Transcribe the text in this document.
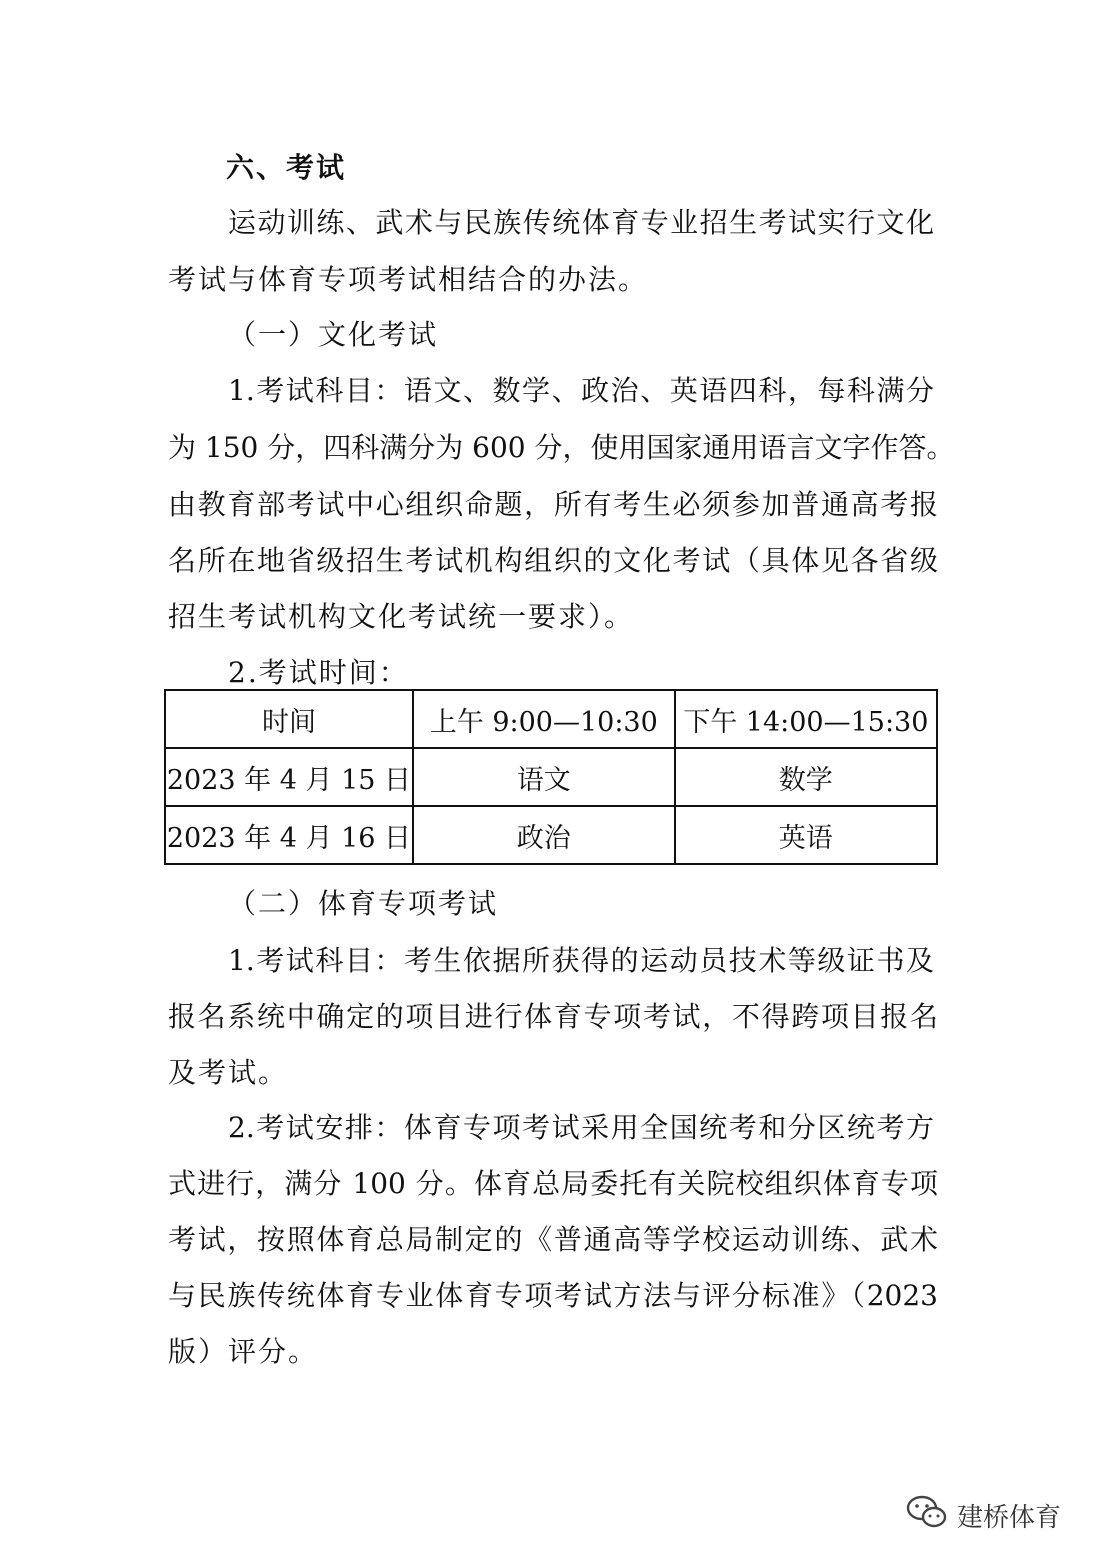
六、考试
运动训练、武术与民族传统体育专业招生考试实行文化
考试与体育专项考试相结合的办法。
（一）文化考试
1.考试科目：语文、数学、政治、英语四科，每科满分
为 150 分，四科满分为 600 分，使用国家通用语言文字作答。
由教育部考试中心组织命题，所有考生必须参加普通高考报
名所在地省级招生考试机构组织的文化考试（具体见各省级
招生考试机构文化考试统一要求）。
2.考试时间：
时间	上午 9:00—10:30	下午 14:00—15:30
2023 年 4 月 15 日	语文	数学
2023 年 4 月 16 日	政治	英语
（二）体育专项考试
1.考试科目：考生依据所获得的运动员技术等级证书及
报名系统中确定的项目进行体育专项考试，不得跨项目报名
及考试。
2.考试安排：体育专项考试采用全国统考和分区统考方
式进行，满分 100 分。体育总局委托有关院校组织体育专项
考试，按照体育总局制定的《普通高等学校运动训练、武术
与民族传统体育专业体育专项考试方法与评分标准》（2023
版）评分。
建桥体育
